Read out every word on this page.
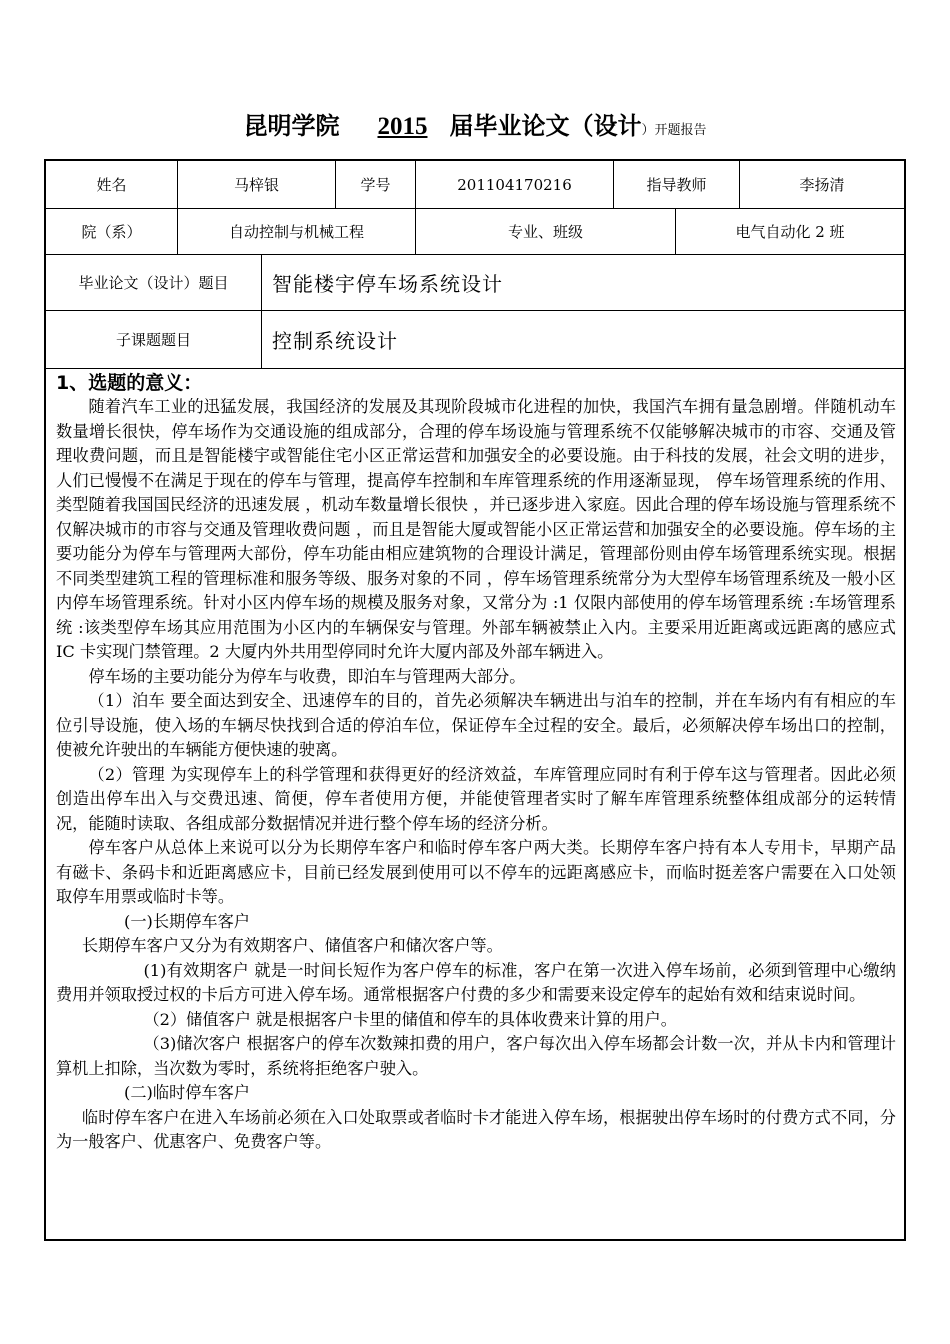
昆明学院 2015 届毕业论文（设计）开题报告
姓名	马梓银	学号	201104170216	指导教师	李扬清
院（系）	自动控制与机械工程	专业、班级	电气自动化 2 班
毕业论文（设计）题目	智能楼宇停车场系统设计
子课题题目	控制系统设计
1、选题的意义：

随着汽车工业的迅猛发展，我国经济的发展及其现阶段城市化进程的加快，我国汽车拥有量急剧增。伴随机动车数量增长很快，停车场作为交通设施的组成部分，合理的停车场设施与管理系统不仅能够解决城市的市容、交通及管理收费问题，而且是智能楼宇或智能住宅小区正常运营和加强安全的必要设施。由于科技的发展，社会文明的进步，人们已慢慢不在满足于现在的停车与管理，提高停车控制和车库管理系统的作用逐渐显现， 停车场管理系统的作用、类型随着我国国民经济的迅速发展 ，机动车数量增长很快 ，并已逐步进入家庭。因此合理的停车场设施与管理系统不仅解决城市的市容与交通及管理收费问题 ，而且是智能大厦或智能小区正常运营和加强安全的必要设施。停车场的主要功能分为停车与管理两大部份，停车功能由相应建筑物的合理设计满足，管理部份则由停车场管理系统实现。根据不同类型建筑工程的管理标准和服务等级、服务对象的不同 ，停车场管理系统常分为大型停车场管理系统及一般小区内停车场管理系统。针对小区内停车场的规模及服务对象，又常分为 :1 仅限内部使用的停车场管理系统 :车场管理系统 :该类型停车场其应用范围为小区内的车辆保安与管理。外部车辆被禁止入内。主要采用近距离或远距离的感应式 IC 卡实现门禁管理。2 大厦内外共用型停同时允许大厦内部及外部车辆进入。

停车场的主要功能分为停车与收费，即泊车与管理两大部分。

（1）泊车 要全面达到安全、迅速停车的目的，首先必须解决车辆进出与泊车的控制，并在车场内有有相应的车位引导设施，使入场的车辆尽快找到合适的停泊车位，保证停车全过程的安全。最后，必须解决停车场出口的控制，使被允许驶出的车辆能方便快速的驶离。

（2）管理 为实现停车上的科学管理和获得更好的经济效益，车库管理应同时有利于停车这与管理者。因此必须创造出停车出入与交费迅速、简便，停车者使用方便，并能使管理者实时了解车库管理系统整体组成部分的运转情况，能随时读取、各组成部分数据情况并进行整个停车场的经济分析。

停车客户从总体上来说可以分为长期停车客户和临时停车客户两大类。长期停车客户持有本人专用卡，早期产品有磁卡、条码卡和近距离感应卡，目前已经发展到使用可以不停车的远距离感应卡，而临时挺差客户需要在入口处领取停车用票或临时卡等。

(一)长期停车客户

长期停车客户又分为有效期客户、储值客户和储次客户等。

(1)有效期客户 就是一时间长短作为客户停车的标准，客户在第一次进入停车场前，必须到管理中心缴纳费用并领取授过权的卡后方可进入停车场。通常根据客户付费的多少和需要来设定停车的起始有效和结束说时间。

（2）储值客户 就是根据客户卡里的储值和停车的具体收费来计算的用户。

（3)储次客户 根据客户的停车次数辣扣费的用户，客户每次出入停车场都会计数一次，并从卡内和管理计算机上扣除，当次数为零时，系统将拒绝客户驶入。

(二)临时停车客户

临时停车客户在进入车场前必须在入口处取票或者临时卡才能进入停车场，根据驶出停车场时的付费方式不同，分为一般客户、优惠客户、免费客户等。
